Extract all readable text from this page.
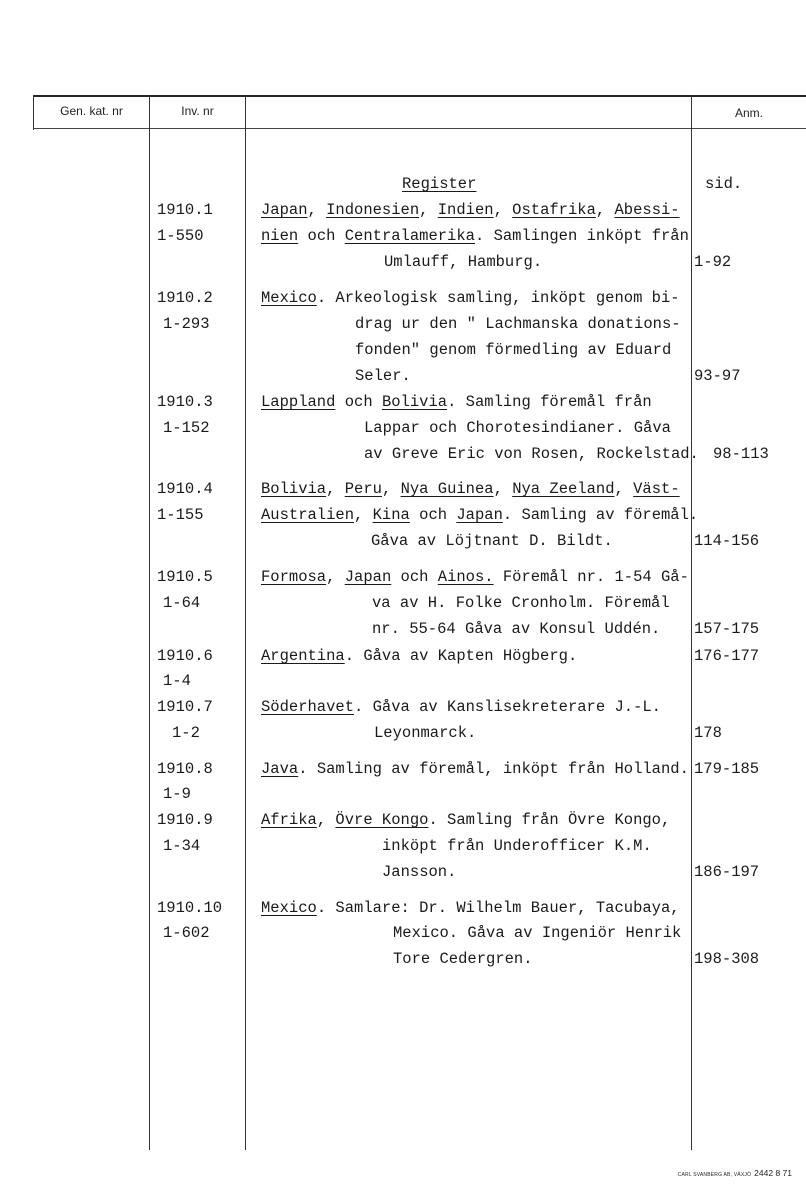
Gen. kat. nr	Inv. nr	Anm.
Register	sid.
1910.1
1-550
Japan, Indonesien, Indien, Ostafrika, Abessi-
nien och Centralamerika. Samlingen inköpt från
Umlauff, Hamburg.	1-92
1910.2
1-293
Mexico. Arkeologisk samling, inköpt genom bi-
drag ur den " Lachmanska donations-
fonden" genom förmedling av Eduard
Seler.	93-97
1910.3
1-152
Lappland och Bolivia. Samling föremål från
Lappar och Chorotesindianer. Gåva
av Greve Eric von Rosen, Rockelstad. 98-113
1910.4
1-155
Bolivia, Peru, Nya Guinea, Nya Zeeland, Väst-
Australien, Kina och Japan. Samling av föremål.
Gåva av Löjtnant D. Bildt.	114-156
1910.5
1-64
Formosa, Japan och Ainos. Föremål nr. 1-54 Gå-
va av H. Folke Cronholm. Föremål
nr. 55-64 Gåva av Konsul Uddén. 157-175
1910.6
1-4
Argentina. Gåva av Kapten Högberg.	176-177
1910.7
1-2
Söderhavet. Gåva av Kanslisekreterare J.-L.
Leyonmarck.	178
1910.8
1-9
Java. Samling av föremål, inköpt från Holland. 179-185
1910.9
1-34
Afrika, Övre Kongo. Samling från Övre Kongo,
inköpt från Underofficer K.M.
Jansson.	186-197
1910.10
1-602
Mexico. Samlare: Dr. Wilhelm Bauer, Tacubaya,
Mexico. Gåva av Ingeniör Henrik
Tore Cedergren.	198-308
CARL SVANBERG AB, VÄXJÖ 2442 8 71
